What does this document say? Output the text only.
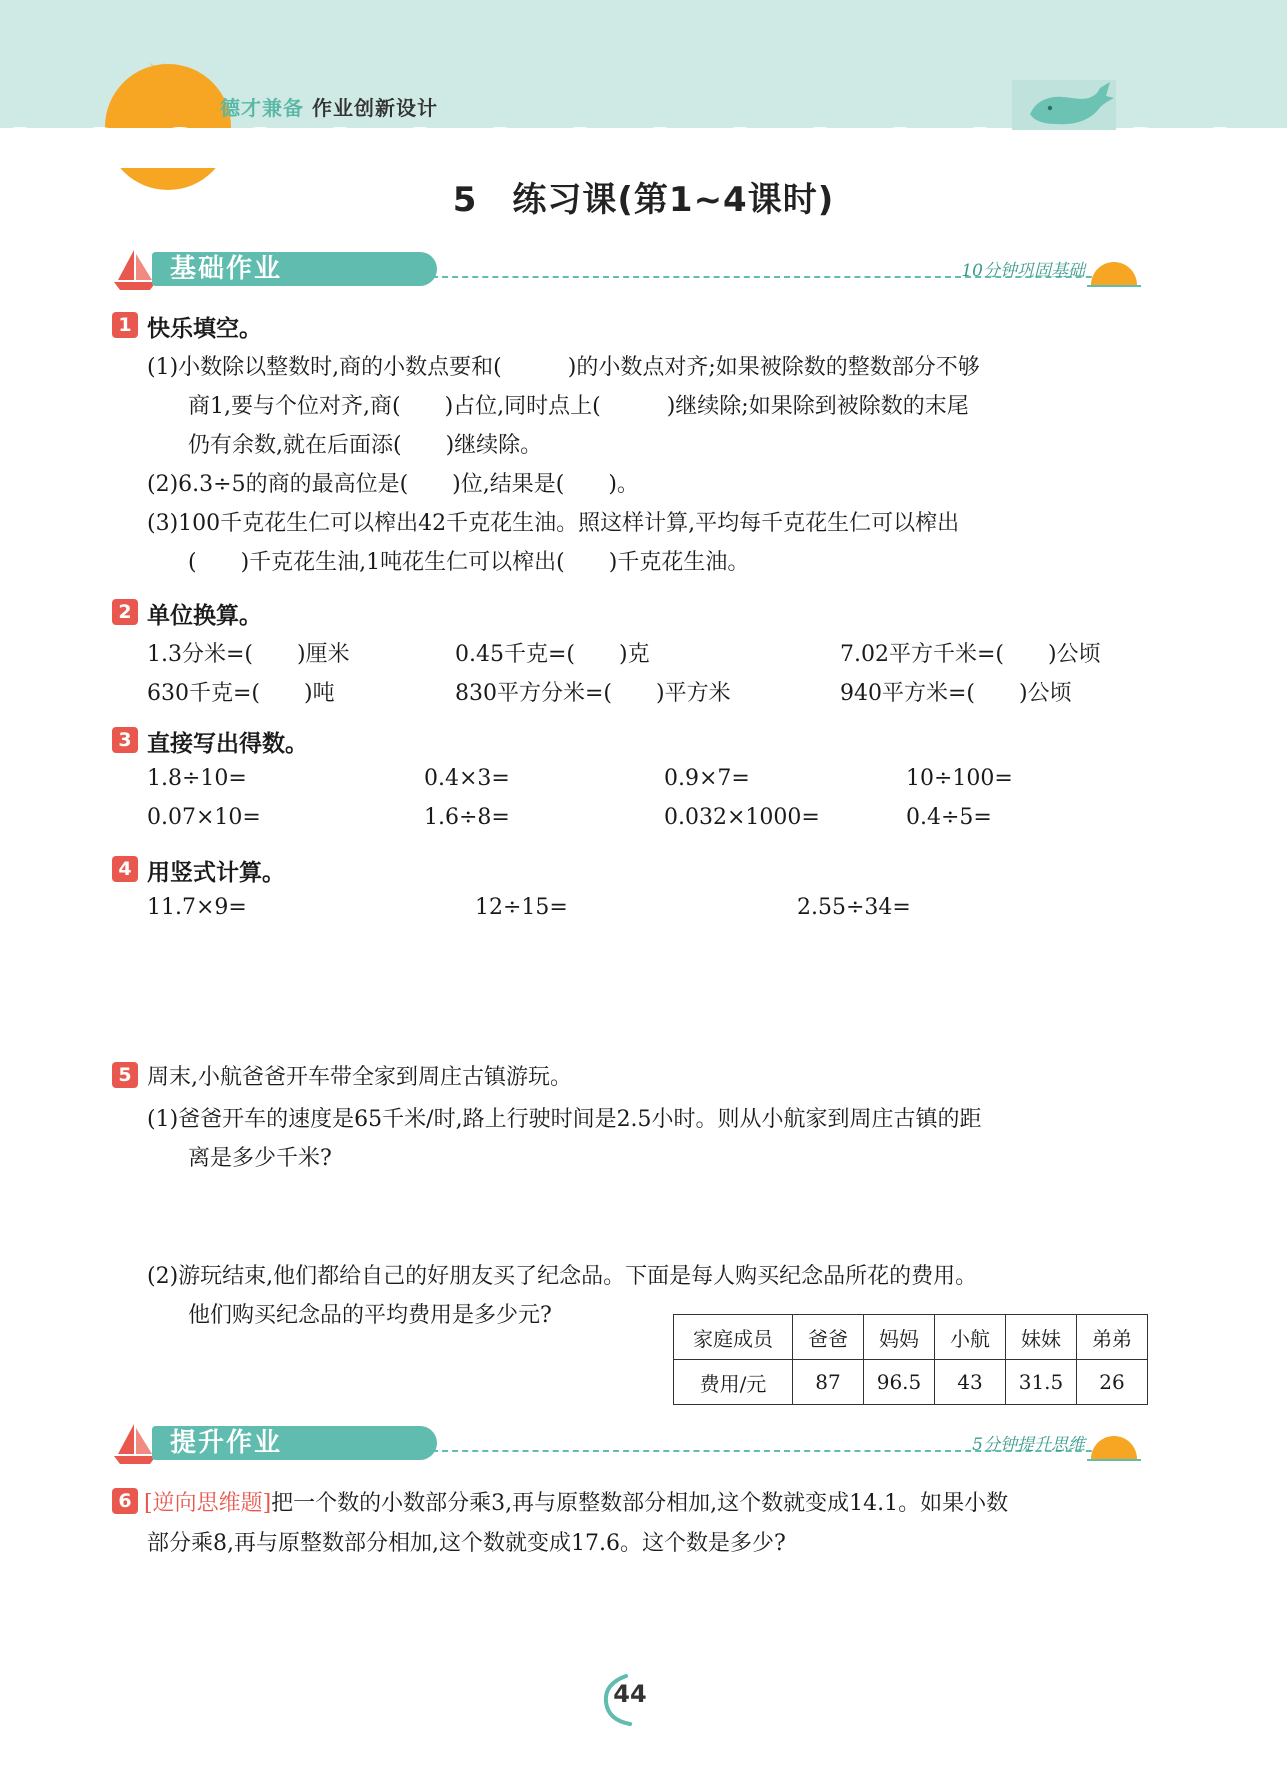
︶
︶
德才兼备 作业创新设计
5　练习课(第1~4课时)
基础作业	10分钟巩固基础
1 快乐填空。
(1)小数除以整数时,商的小数点要和(　　　)的小数点对齐;如果被除数的整数部分不够
商1,要与个位对齐,商(　　)占位,同时点上(　　　)继续除;如果除到被除数的末尾
仍有余数,就在后面添(　　)继续除。
(2)6.3÷5的商的最高位是(　　)位,结果是(　　)。
(3)100千克花生仁可以榨出42千克花生油。照这样计算,平均每千克花生仁可以榨出
(　　)千克花生油,1吨花生仁可以榨出(　　)千克花生油。
2 单位换算。
1.3分米=(　　)厘米	0.45千克=(　　)克	7.02平方千米=(　　)公顷
630千克=(　　)吨	830平方分米=(　　)平方米	940平方米=(　　)公顷
3 直接写出得数。
1.8÷10=	0.4×3=	0.9×7=	10÷100=
0.07×10=	1.6÷8=	0.032×1000=	0.4÷5=
4 用竖式计算。
11.7×9=	12÷15=	2.55÷34=
5 周末,小航爸爸开车带全家到周庄古镇游玩。
(1)爸爸开车的速度是65千米/时,路上行驶时间是2.5小时。则从小航家到周庄古镇的距
离是多少千米?
(2)游玩结束,他们都给自己的好朋友买了纪念品。下面是每人购买纪念品所花的费用。
他们购买纪念品的平均费用是多少元?
家庭成员	爸爸	妈妈	小航	妹妹	弟弟
费用/元	87	96.5	43	31.5	26
提升作业	5分钟提升思维
6 [逆向思维题]把一个数的小数部分乘3,再与原整数部分相加,这个数就变成14.1。如果小数
部分乘8,再与原整数部分相加,这个数就变成17.6。这个数是多少?
44
